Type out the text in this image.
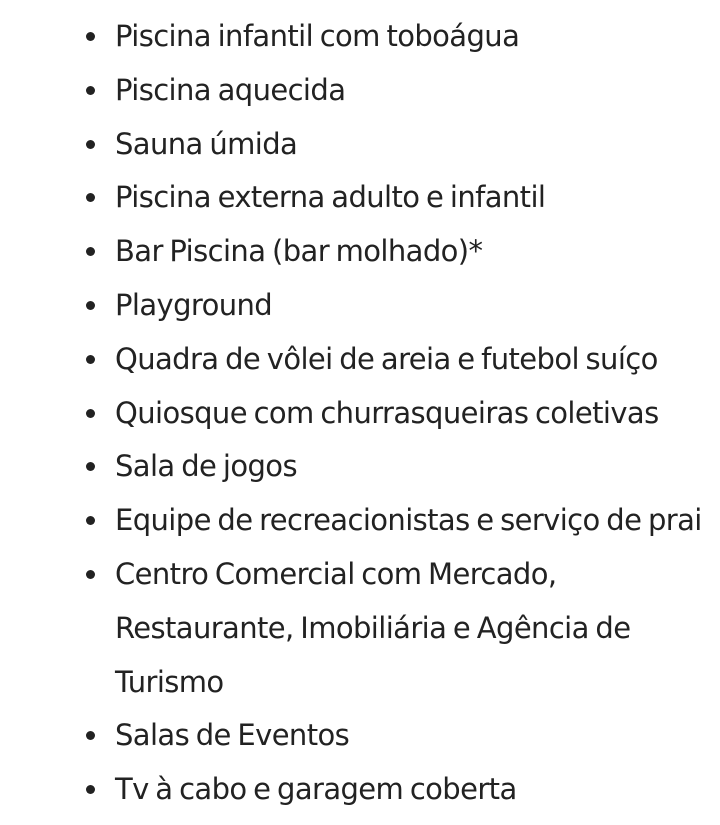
Piscina infantil com toboágua
Piscina aquecida
Sauna úmida
Piscina externa adulto e infantil
Bar Piscina (bar molhado)*
Playground
Quadra de vôlei de areia e futebol suíço
Quiosque com churrasqueiras coletivas
Sala de jogos
Equipe de recreacionistas e serviço de prai
Centro Comercial com Mercado, Restaurante, Imobiliária e Agência de Turismo
Salas de Eventos
Tv à cabo e garagem coberta
